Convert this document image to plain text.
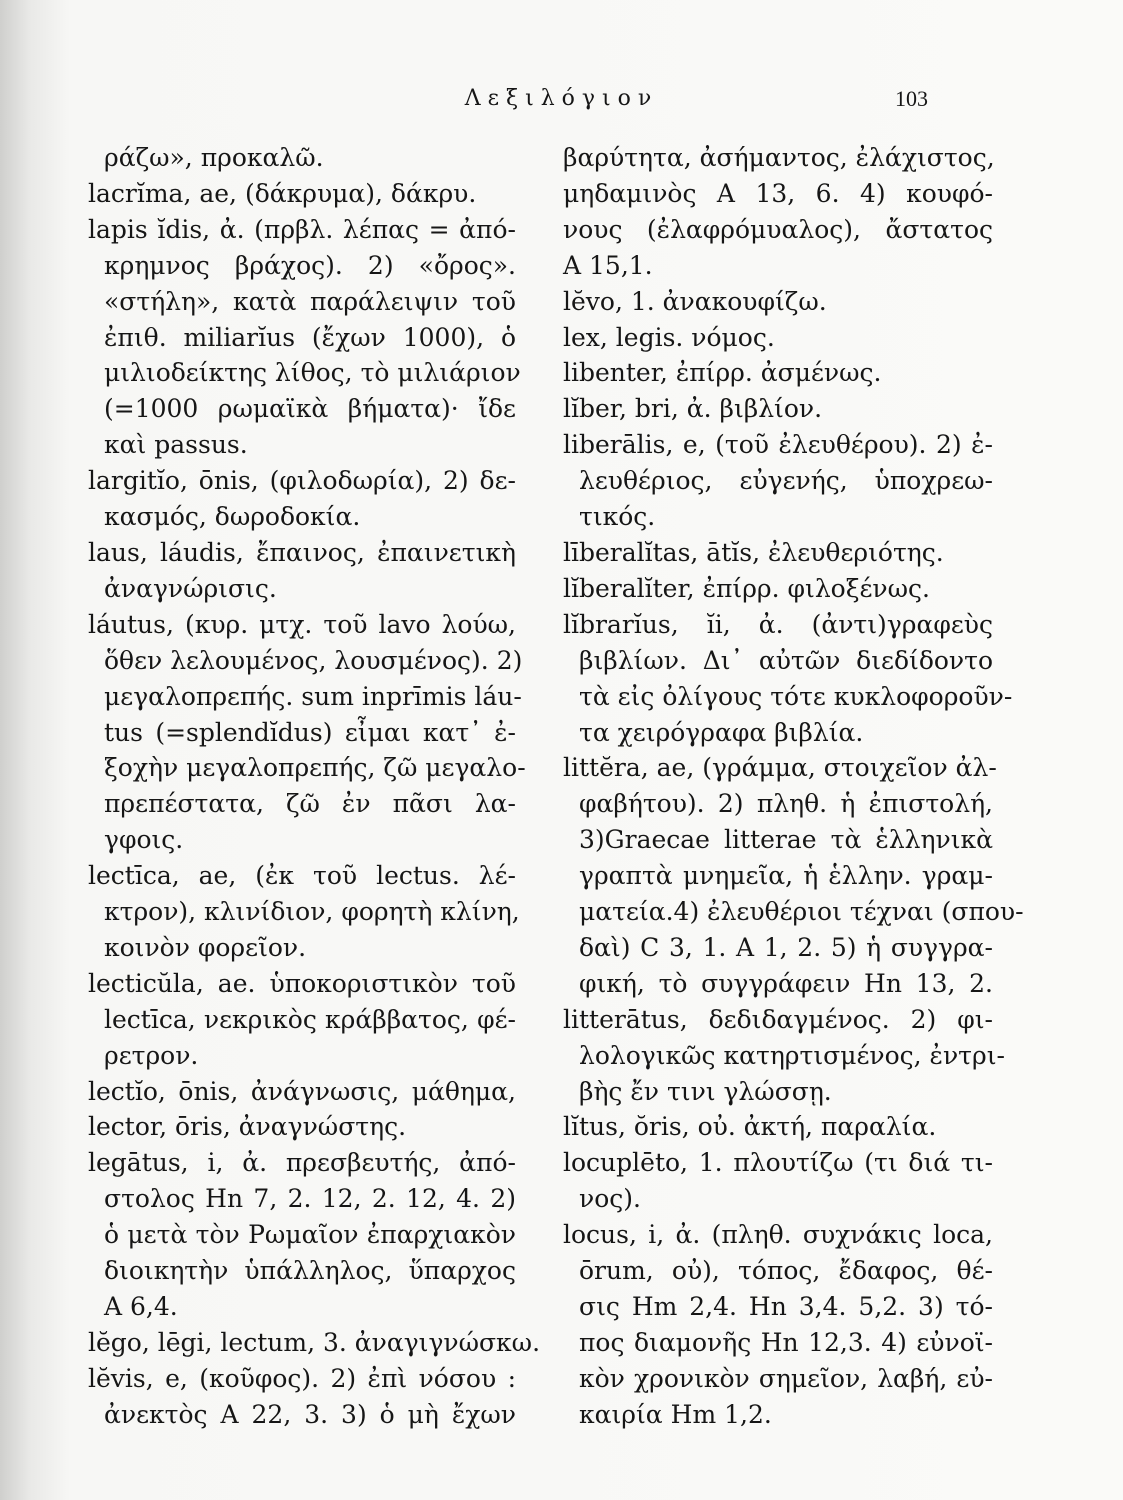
Λεξιλόγιον	103
ράζω», προκαλῶ.
lacrĭma, ae, (δάκρυμα), δάκρυ.
lapis ĭdis, ἀ. (πρβλ. λέπας = ἀπό-
κρημνος βράχος). 2) «ὄρος».
«στήλη», κατὰ παράλειψιν τοῦ
ἐπιθ. miliarĭus (ἔχων 1000), ὁ
μιλιοδείκτης λίθος, τὸ μιλιάριον
(=1000 ρωμαϊκὰ βήματα)· ἴδε
καὶ passus.
largitĭo, ōnis, (φιλοδωρία), 2) δε-
κασμός, δωροδοκία.
laus, láudis, ἔπαινος, ἐπαινετικὴ
ἀναγνώρισις.
láutus, (κυρ. μτχ. τοῦ lavo λούω,
ὅθεν λελουμένος, λουσμένος). 2)
μεγαλοπρεπής. sum inprīmis láu-
tus (=splendĭdus) εἶμαι κατ᾽ ἐ-
ξοχὴν μεγαλοπρεπής, ζῶ μεγαλο-
πρεπέστατα, ζῶ ἐν πᾶσι λα-
γφοις.
lectīca, ae, (ἐκ τοῦ lectus. λέ-
κτρον), κλινίδιον, φορητὴ κλίνη,
κοινὸν φορεῖον.
lecticŭla, ae. ὑποκοριστικὸν τοῦ
lectīca, νεκρικὸς κράββατος, φέ-
ρετρον.
lectĭo, ōnis, ἀνάγνωσις, μάθημα,
lector, ōris, ἀναγνώστης.
legātus, i, ἀ. πρεσβευτής, ἀπό-
στολος Hn 7, 2. 12, 2. 12, 4. 2)
ὁ μετὰ τὸν Ρωμαῖον ἐπαρχιακὸν
διοικητὴν ὑπάλληλος, ὕπαρχος
A 6,4.
lĕgo, lēgi, lectum, 3. ἀναγιγνώσκω.
lĕvis, e, (κοῦφος). 2) ἐπὶ νόσου :
ἀνεκτὸς A 22, 3. 3) ὁ μὴ ἔχων
βαρύτητα, ἀσήμαντος, ἐλάχιστος,
μηδαμινὸς A 13, 6. 4) κουφό-
νους (ἐλαφρόμυαλος), ἄστατος
A 15,1.
lĕvo, 1. ἀνακουφίζω.
lex, legis. νόμος.
libenter, ἐπίρρ. ἀσμένως.
lĭber, bri, ἀ. βιβλίον.
liberālis, e, (τοῦ ἐλευθέρου). 2) ἐ-
λευθέριος, εὐγενής, ὑποχρεω-
τικός.
līberalĭtas, ātĭs, ἐλευθεριότης.
lĭberalĭter, ἐπίρρ. φιλοξένως.
lĭbrarĭus, ĭi, ἀ. (ἀντι)γραφεὺς
βιβλίων. Δι᾽ αὐτῶν διεδίδοντο
τὰ εἰς ὀλίγους τότε κυκλοφοροῦν-
τα χειρόγραφα βιβλία.
littĕra, ae, (γράμμα, στοιχεῖον ἀλ-
φαβήτου). 2) πληθ. ἡ ἐπιστολή,
3)Graecae litterae τὰ ἑλληνικὰ
γραπτὰ μνημεῖα, ἡ ἑλλην. γραμ-
ματεία.4) ἐλευθέριοι τέχναι (σπου-
δαὶ) C 3, 1. A 1, 2. 5) ἡ συγγρα-
φική, τὸ συγγράφειν Hn 13, 2.
litterātus, δεδιδαγμένος. 2) φι-
λολογικῶς κατηρτισμένος, ἐντρι-
βὴς ἔν τινι γλώσσῃ.
lĭtus, ŏris, οὐ. ἀκτή, παραλία.
locuplēto, 1. πλουτίζω (τι διά τι-
νος).
locus, i, ἀ. (πληθ. συχνάκις loca,
ōrum, οὐ), τόπος, ἔδαφος, θέ-
σις Hm 2,4. Hn 3,4. 5,2. 3) τό-
πος διαμονῆς Hn 12,3. 4) εὐνοϊ-
κὸν χρονικὸν σημεῖον, λαβή, εὐ-
καιρία Hm 1,2.
